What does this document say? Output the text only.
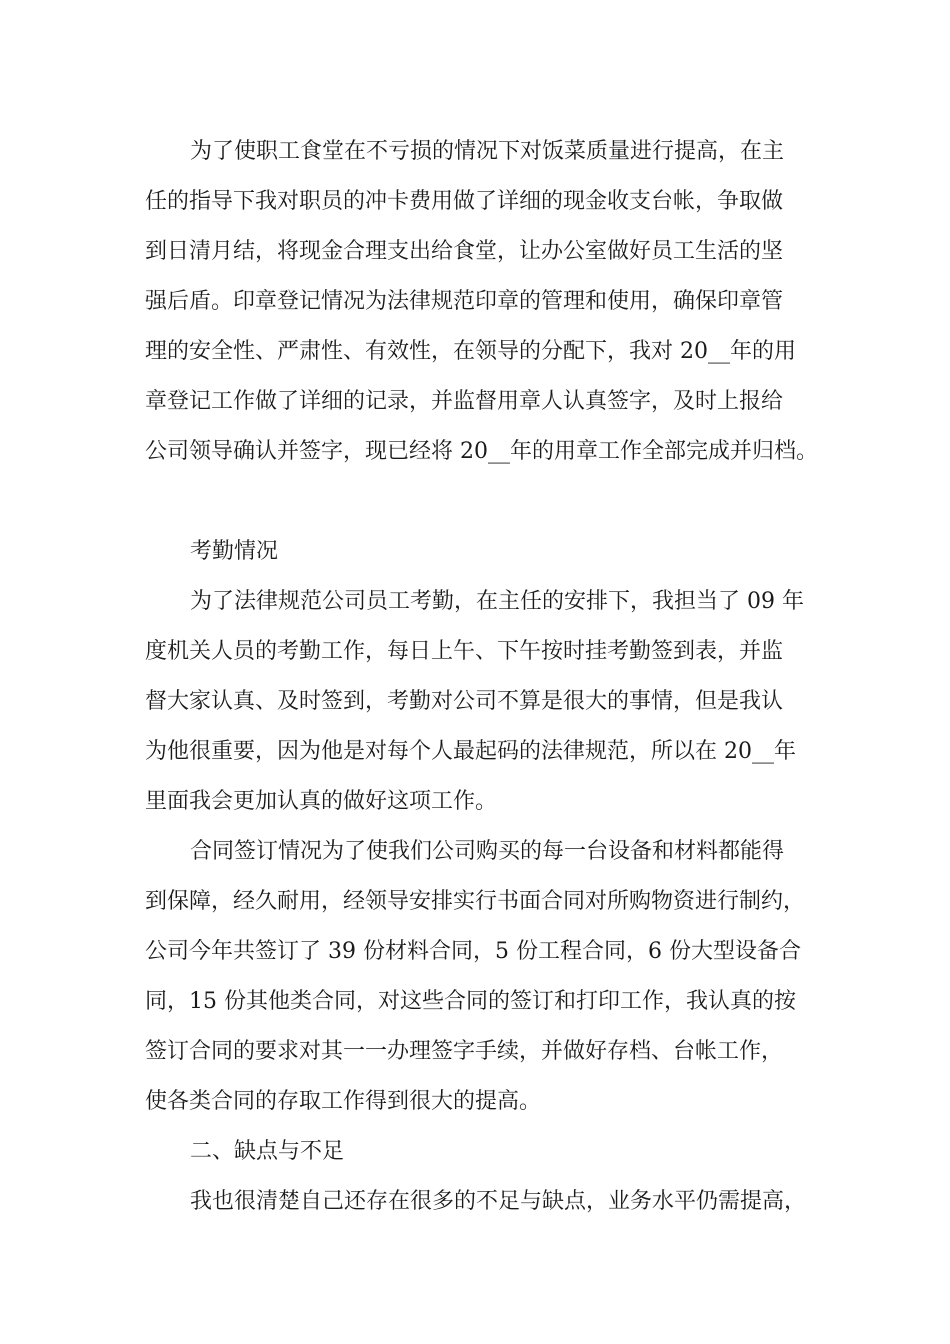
为了使职工食堂在不亏损的情况下对饭菜质量进行提高，在主
任的指导下我对职员的冲卡费用做了详细的现金收支台帐，争取做
到日清月结，将现金合理支出给食堂，让办公室做好员工生活的坚
强后盾。印章登记情况为法律规范印章的管理和使用，确保印章管
理的安全性、严肃性、有效性，在领导的分配下，我对 20__年的用
章登记工作做了详细的记录，并监督用章人认真签字，及时上报给
公司领导确认并签字，现已经将 20__年的用章工作全部完成并归档。
考勤情况
为了法律规范公司员工考勤，在主任的安排下，我担当了 09 年
度机关人员的考勤工作，每日上午、下午按时挂考勤签到表，并监
督大家认真、及时签到，考勤对公司不算是很大的事情，但是我认
为他很重要，因为他是对每个人最起码的法律规范，所以在 20__年
里面我会更加认真的做好这项工作。
合同签订情况为了使我们公司购买的每一台设备和材料都能得
到保障，经久耐用，经领导安排实行书面合同对所购物资进行制约，
公司今年共签订了 39 份材料合同，5 份工程合同，6 份大型设备合
同，15 份其他类合同，对这些合同的签订和打印工作，我认真的按
签订合同的要求对其一一办理签字手续，并做好存档、台帐工作，
使各类合同的存取工作得到很大的提高。
二、缺点与不足
我也很清楚自己还存在很多的不足与缺点，业务水平仍需提高，
